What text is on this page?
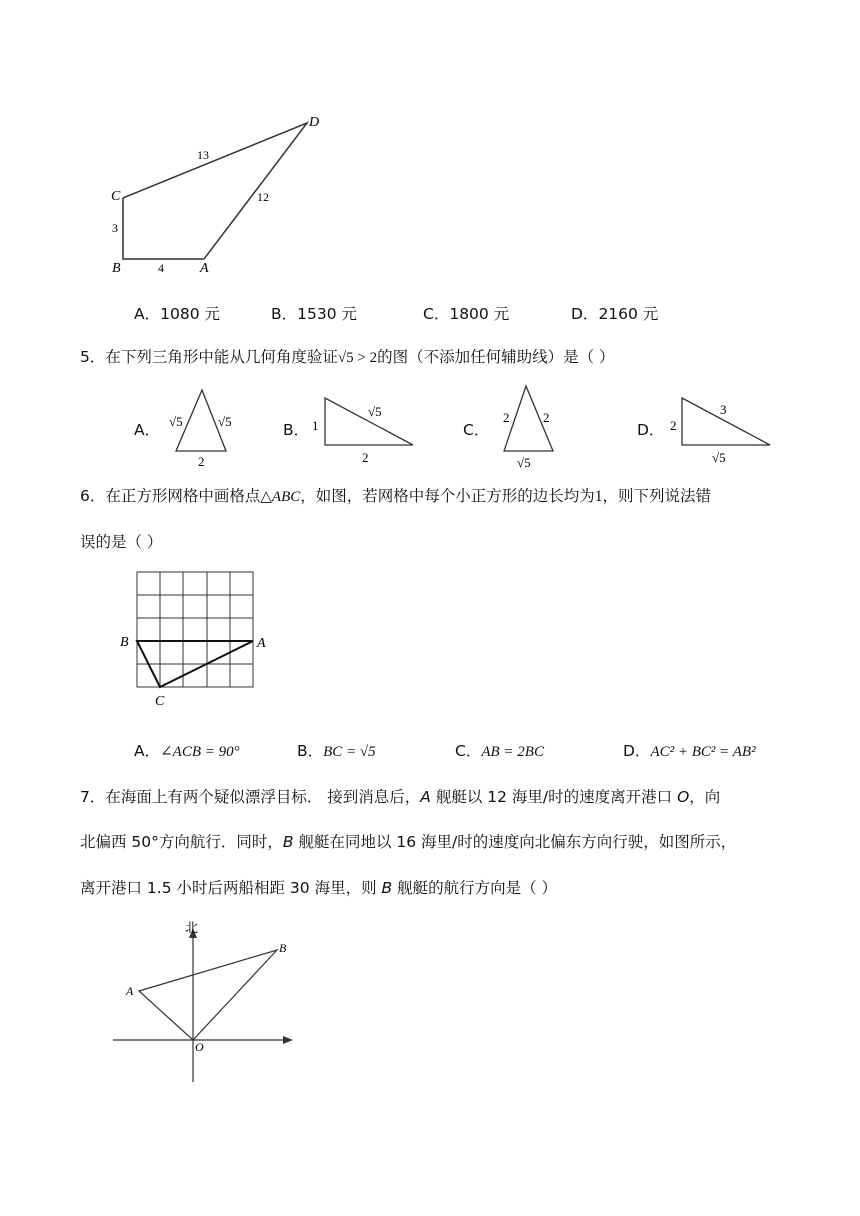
D
C
B	A
3
4
13
12
A．1080 元	B．1530 元	C．1800 元	D．2160 元
5．在下列三角形中能从几何角度验证√5 > 2的图（不添加任何辅助线）是（ ）
A． √5	√5
2
B． 1
√5
2
C．
2	2
√5
D． 2
3
√5
6．在正方形网格中画格点△ABC，如图，若网格中每个小正方形的边长均为1，则下列说法错
误的是（ ）
B	A
C
A．∠ACB = 90°	B．BC = √5	C．AB = 2BC	D．AC² + BC² = AB²
7．在海面上有两个疑似漂浮目标． 接到消息后，A 舰艇以 12 海里/时的速度离开港口 O，向
北偏西 50°方向航行．同时，B 舰艇在同地以 16 海里/时的速度向北偏东方向行驶，如图所示，
离开港口 1.5 小时后两船相距 30 海里，则 B 舰艇的航行方向是（ ）
北
A
B
O
